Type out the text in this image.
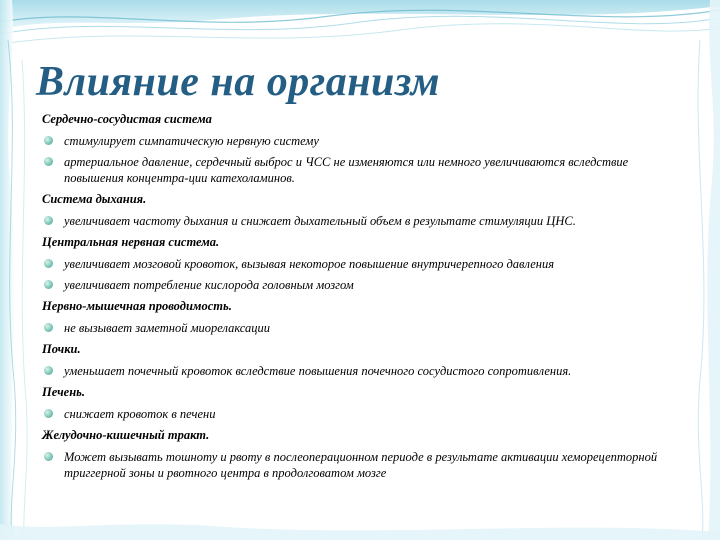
Влияние на организм
Сердечно-сосудистая система
стимулирует симпатическую нервную систему
артериальное давление, сердечный выброс и ЧСС не изменяются или немного увеличиваются вследствие повышения концентра-ции катехоламинов.
Система дыхания.
увеличивает частоту дыхания и снижает дыхательный объем в результате стимуляции ЦНС.
Центральная нервная система.
увеличивает мозговой кровоток, вызывая некоторое повышение внутричерепного давления
увеличивает потребление кислорода головным мозгом
Нервно-мышечная проводимость.
не вызывает заметной миорелаксации
Почки.
уменьшает почечный кровоток вследствие повышения почечного сосудистого сопротивления.
Печень.
снижает кровоток в печени
Желудочно-кишечный тракт.
Может вызывать тошноту и рвоту в послеоперационном периоде в результате активации хеморецепторной триггерной зоны и рвотного центра в продолговатом мозге
